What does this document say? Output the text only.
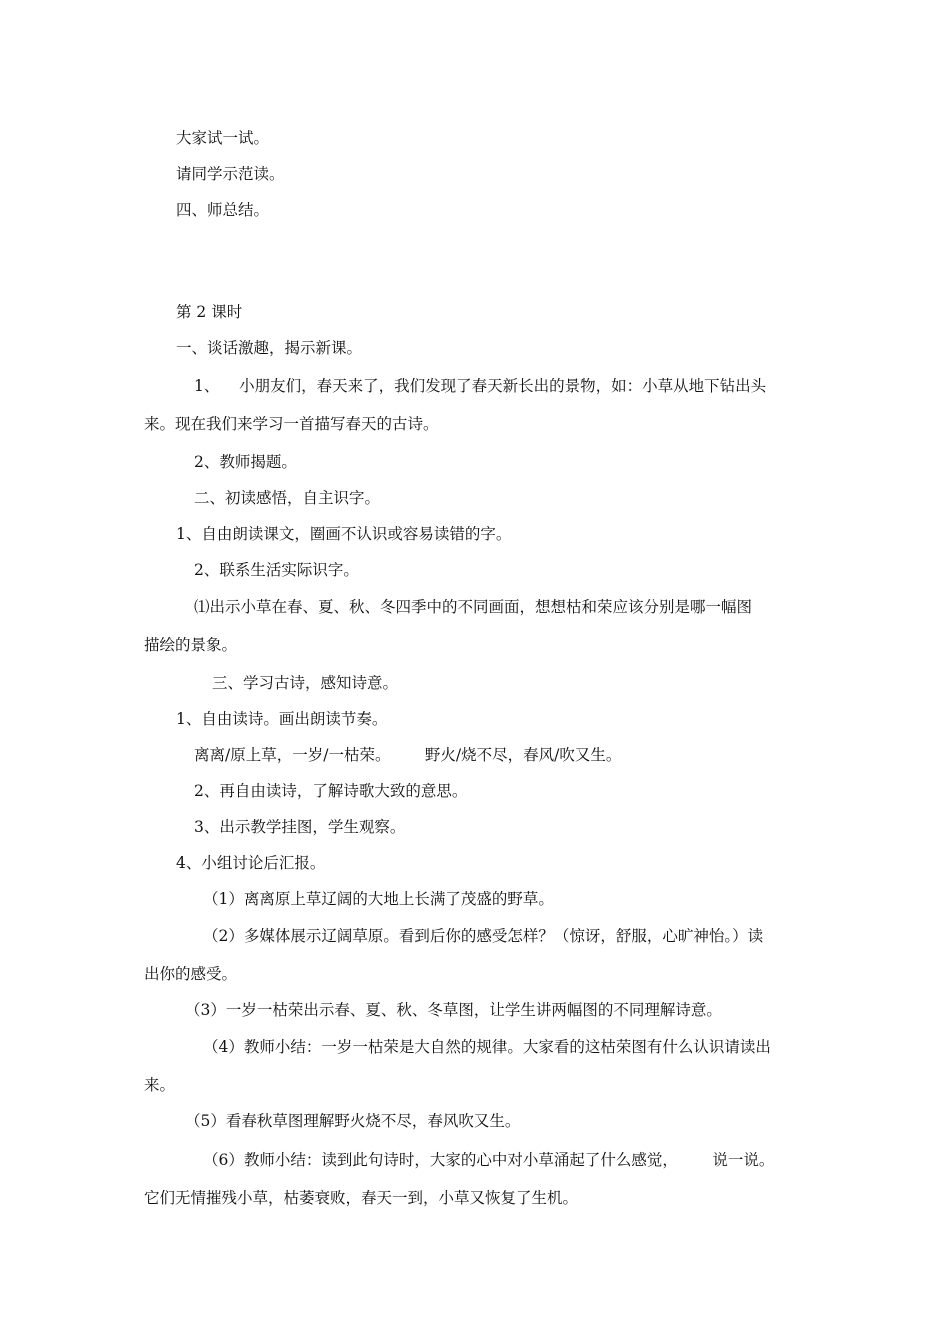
大家试一试。
请同学示范读。
四、师总结。
第 2 课时
一、谈话激趣，揭示新课。
1、    小朋友们，春天来了，我们发现了春天新长出的景物，如：小草从地下钻出头
来。现在我们来学习一首描写春天的古诗。
2、教师揭题。
二、初读感悟，自主识字。
1、自由朗读课文，圈画不认识或容易读错的字。
2、联系生活实际识字。
⑴出示小草在春、夏、秋、冬四季中的不同画面，想想枯和荣应该分别是哪一幅图
描绘的景象。
三、学习古诗，感知诗意。
1、自由读诗。画出朗读节奏。
离离/原上草，一岁/一枯荣。       野火/烧不尽，春风/吹又生。
2、再自由读诗，了解诗歌大致的意思。
3、出示教学挂图，学生观察。
4、小组讨论后汇报。
（1）离离原上草辽阔的大地上长满了茂盛的野草。
（2）多媒体展示辽阔草原。看到后你的感受怎样？（惊讶，舒服，心旷神怡。）读
出你的感受。
（3）一岁一枯荣出示春、夏、秋、冬草图，让学生讲两幅图的不同理解诗意。
（4）教师小结：一岁一枯荣是大自然的规律。大家看的这枯荣图有什么认识请读出
来。
（5）看春秋草图理解野火烧不尽，春风吹又生。
（6）教师小结：读到此句诗时，大家的心中对小草涌起了什么感觉，       说一说。
它们无情摧残小草，枯萎衰败，春天一到，小草又恢复了生机。
